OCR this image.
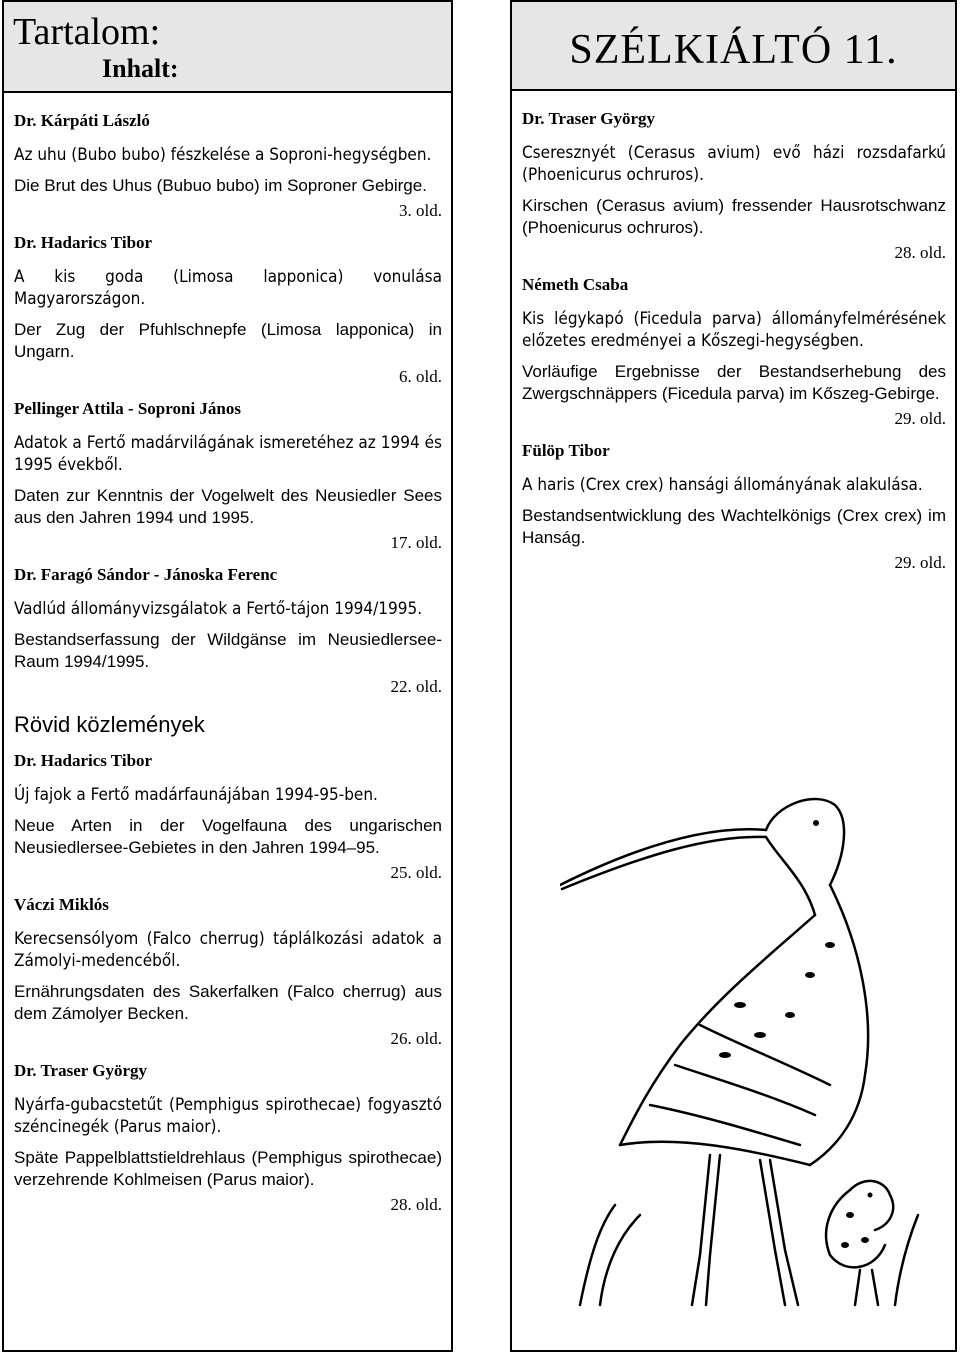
Tartalom:
Inhalt:
Dr. Kárpáti László

Az uhu (Bubo bubo) fészkelése a Soproni-hegységben.

Die Brut des Uhus (Bubuo bubo) im Soproner Gebirge.

3. old.
Dr. Hadarics Tibor

A kis goda (Limosa lapponica) vonulása Magyarországon.

Der Zug der Pfuhlschnepfe (Limosa lapponica) in Ungarn.

6. old.
Pellinger Attila - Soproni János

Adatok a Fertő madárvilágának ismeretéhez az 1994 és 1995 évekből.

Daten zur Kenntnis der Vogelwelt des Neusiedler Sees aus den Jahren 1994 und 1995.

17. old.
Dr. Faragó Sándor - Jánoska Ferenc

Vadlúd állományvizsgálatok a Fertő-tájon 1994/1995.

Bestandserfassung der Wildgänse im Neusiedlersee-Raum 1994/1995.

22. old.
Rövid közlemények
Dr. Hadarics Tibor

Új fajok a Fertő madárfaunájában 1994-95-ben.

Neue Arten in der Vogelfauna des ungarischen Neusiedlersee-Gebietes in den Jahren 1994–95.

25. old.
Váczi Miklós

Kerecsensólyom (Falco cherrug) táplálkozási adatok a Zámolyi-medencéből.

Ernährungsdaten des Sakerfalken (Falco cherrug) aus dem Zámolyer Becken.

26. old.
Dr. Traser György

Nyárfa-gubacstetűt (Pemphigus spirothecae) fogyasztó széncinegék (Parus maior).

Späte Pappelblattstieldrehlaus (Pemphigus spirothecae) verzehrende Kohlmeisen (Parus maior).

28. old.
SZÉLKIÁLTÓ 11.
Dr. Traser György

Cseresznyét (Cerasus avium) evő házi rozsdafarkú (Phoenicurus ochruros).

Kirschen (Cerasus avium) fressender Hausrotschwanz (Phoenicurus ochruros).

28. old.
Németh Csaba

Kis légykapó (Ficedula parva) állományfelmérésének előzetes eredményei a Kőszegi-hegységben.

Vorläufige Ergebnisse der Bestandserhebung des Zwergschnäppers (Ficedula parva) im Kőszeg-Gebirge.

29. old.
Fülöp Tibor

A haris (Crex crex) hansági állományának alakulása.

Bestandsentwicklung des Wachtelkönigs (Crex crex) im Hanság.

29. old.
